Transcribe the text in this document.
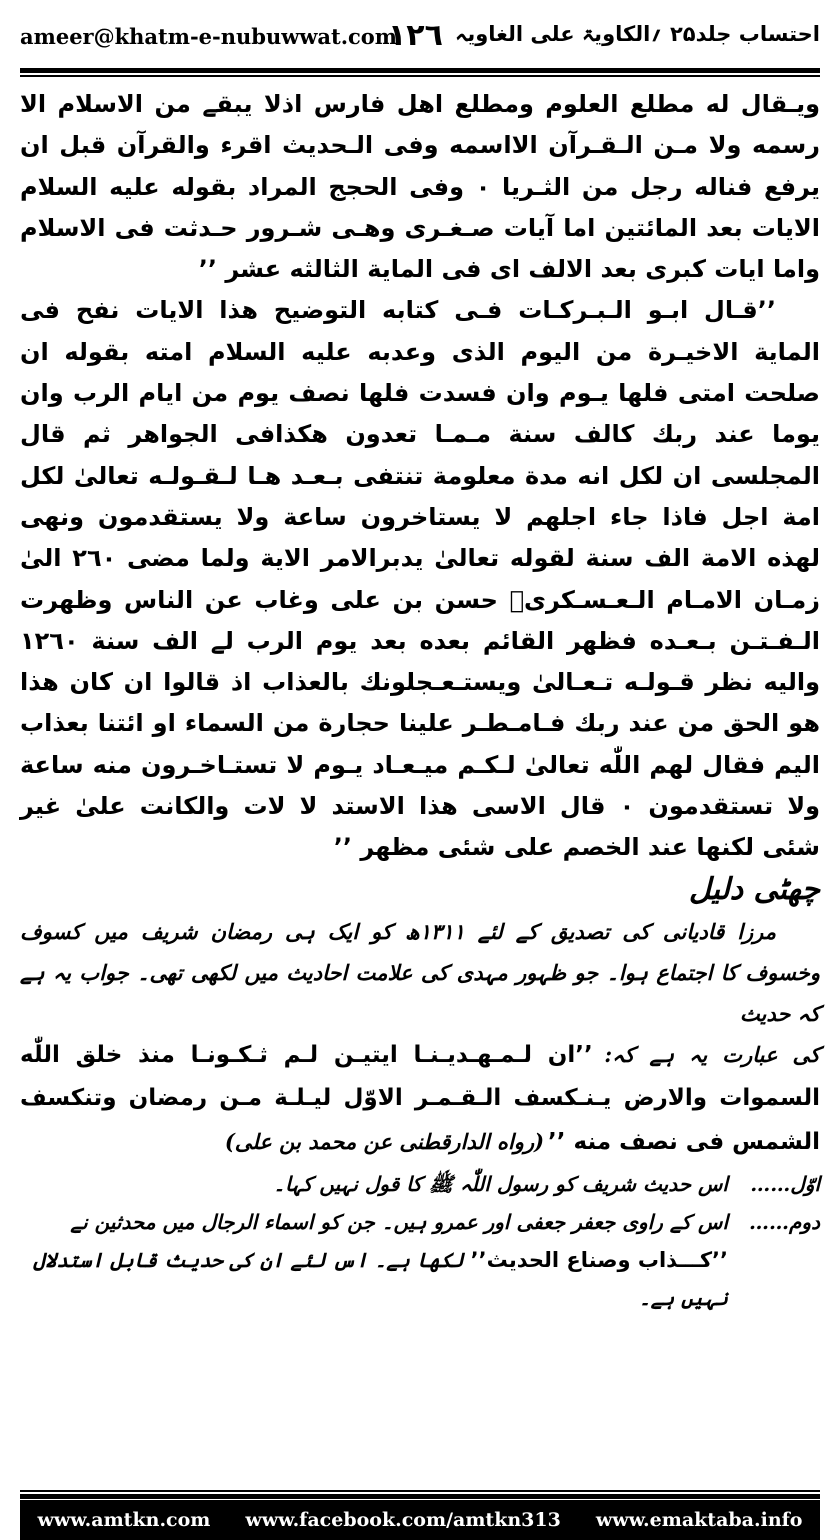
ameer@khatm-e-nubuwwat.com
١٢٦ احتساب جلد۲۵ ؍الکاویۃ علی الغاویہ

ویـقال له مطلع العلوم ومطلع اهل فارس اذلا یبقے من الاسلام الا رسمه ولا مـن الـقـرآن الااسمه وفی الـحدیث اقرء والقرآن قبل ان یرفع فناله رجل من الثـریا ٠ وفی الحجج المراد بقوله علیه السلام الایات بعد المائتین اما آیات صـغـری وهـی شـرور حـدثت فی الاسلام واما ایات کبری بعد الالف ای فی المایة الثالثه عشر ’’

’’قـال ابـو الـبـرکـات فـی کتابه التوضیح هذا الایات نفح فی المایة الاخیـرة من الیوم الذی وعدبه علیه السلام امته بقوله ان صلحت امتی فلها یـوم وان فسدت فلها نصف یوم من ایام الرب وان یوما عند ربك کالف سنة مـمـا تعدون هکذافی الجواهر ثم قال المجلسی ان لکل انه مدة معلومة تنتفی بـعـد هـا لـقـولـه تعالیٰ لکل امة اجل فاذا جاء اجلهم لا یستاخرون ساعة ولا یستقدمون ونهی لهذه الامة الف سنة لقوله تعالیٰ یدبرالامر الایة ولما مضی ٢٦٠ الیٰ زمـان الامـام الـعـسـکریؒ حسن بن علی وغاب عن الناس وظهرت الـفـتـن بـعـده فظهر القائم بعده بعد یوم الرب لے الف سنة ١٢٦٠ والیه نظر قـولـه تـعـالیٰ ویستـعـجلونك بالعذاب اذ قالوا ان کان هذا هو الحق من عند ربك فـامـطـر علینا حجارة من السماء او ائتنا بعذاب الیم فقال لهم اللّٰه تعالیٰ لـکـم میـعـاد یـوم لا تستـاخـرون منه ساعة ولا تستقدمون ٠ قال الاسی هذا الاستد لا لات والکانت علیٰ غیر شئی لکنها عند الخصم علی شئی مظهر ’’

چھٹی دلیل

مرزا قادیانی کی تصدیق کے لئے ۱۳۱۱ھ کو ایک ہی رمضان شریف میں کسوف وخسوف کا اجتماع ہوا۔ جو ظہور مہدی کی علامت احادیث میں لکھی تھی۔ جواب یہ ہے کہ حدیث

کی عبارت یہ ہے کہ: ’’ان لـمـهـدیـنـا ایتیـن لـم ثـکـونـا منذ خلق اللّٰه السموات والارض یـنـکسف الـقـمـر الاوّل لیـلـة مـن رمضان وتنکسف الشمس فی نصف منه ’’ (رواه الدارقطنی عن محمد بن علی)

اوّل……
اس حدیث شریف کو رسول اللّٰہ ﷺ کا قول نہیں کہا۔
دوم……
اس کے راوی جعفر جعفی اور عمرو ہیں۔ جن کو اسماء الرجال میں محدثین نے ’’کـــذاب وصناع الحدیث’’ لکھا ہے۔ اس لئے ان کی حدیث قابل استدلال نہیں ہے۔
www.amtkn.com www.facebook.com/amtkn313 www.emaktaba.info
